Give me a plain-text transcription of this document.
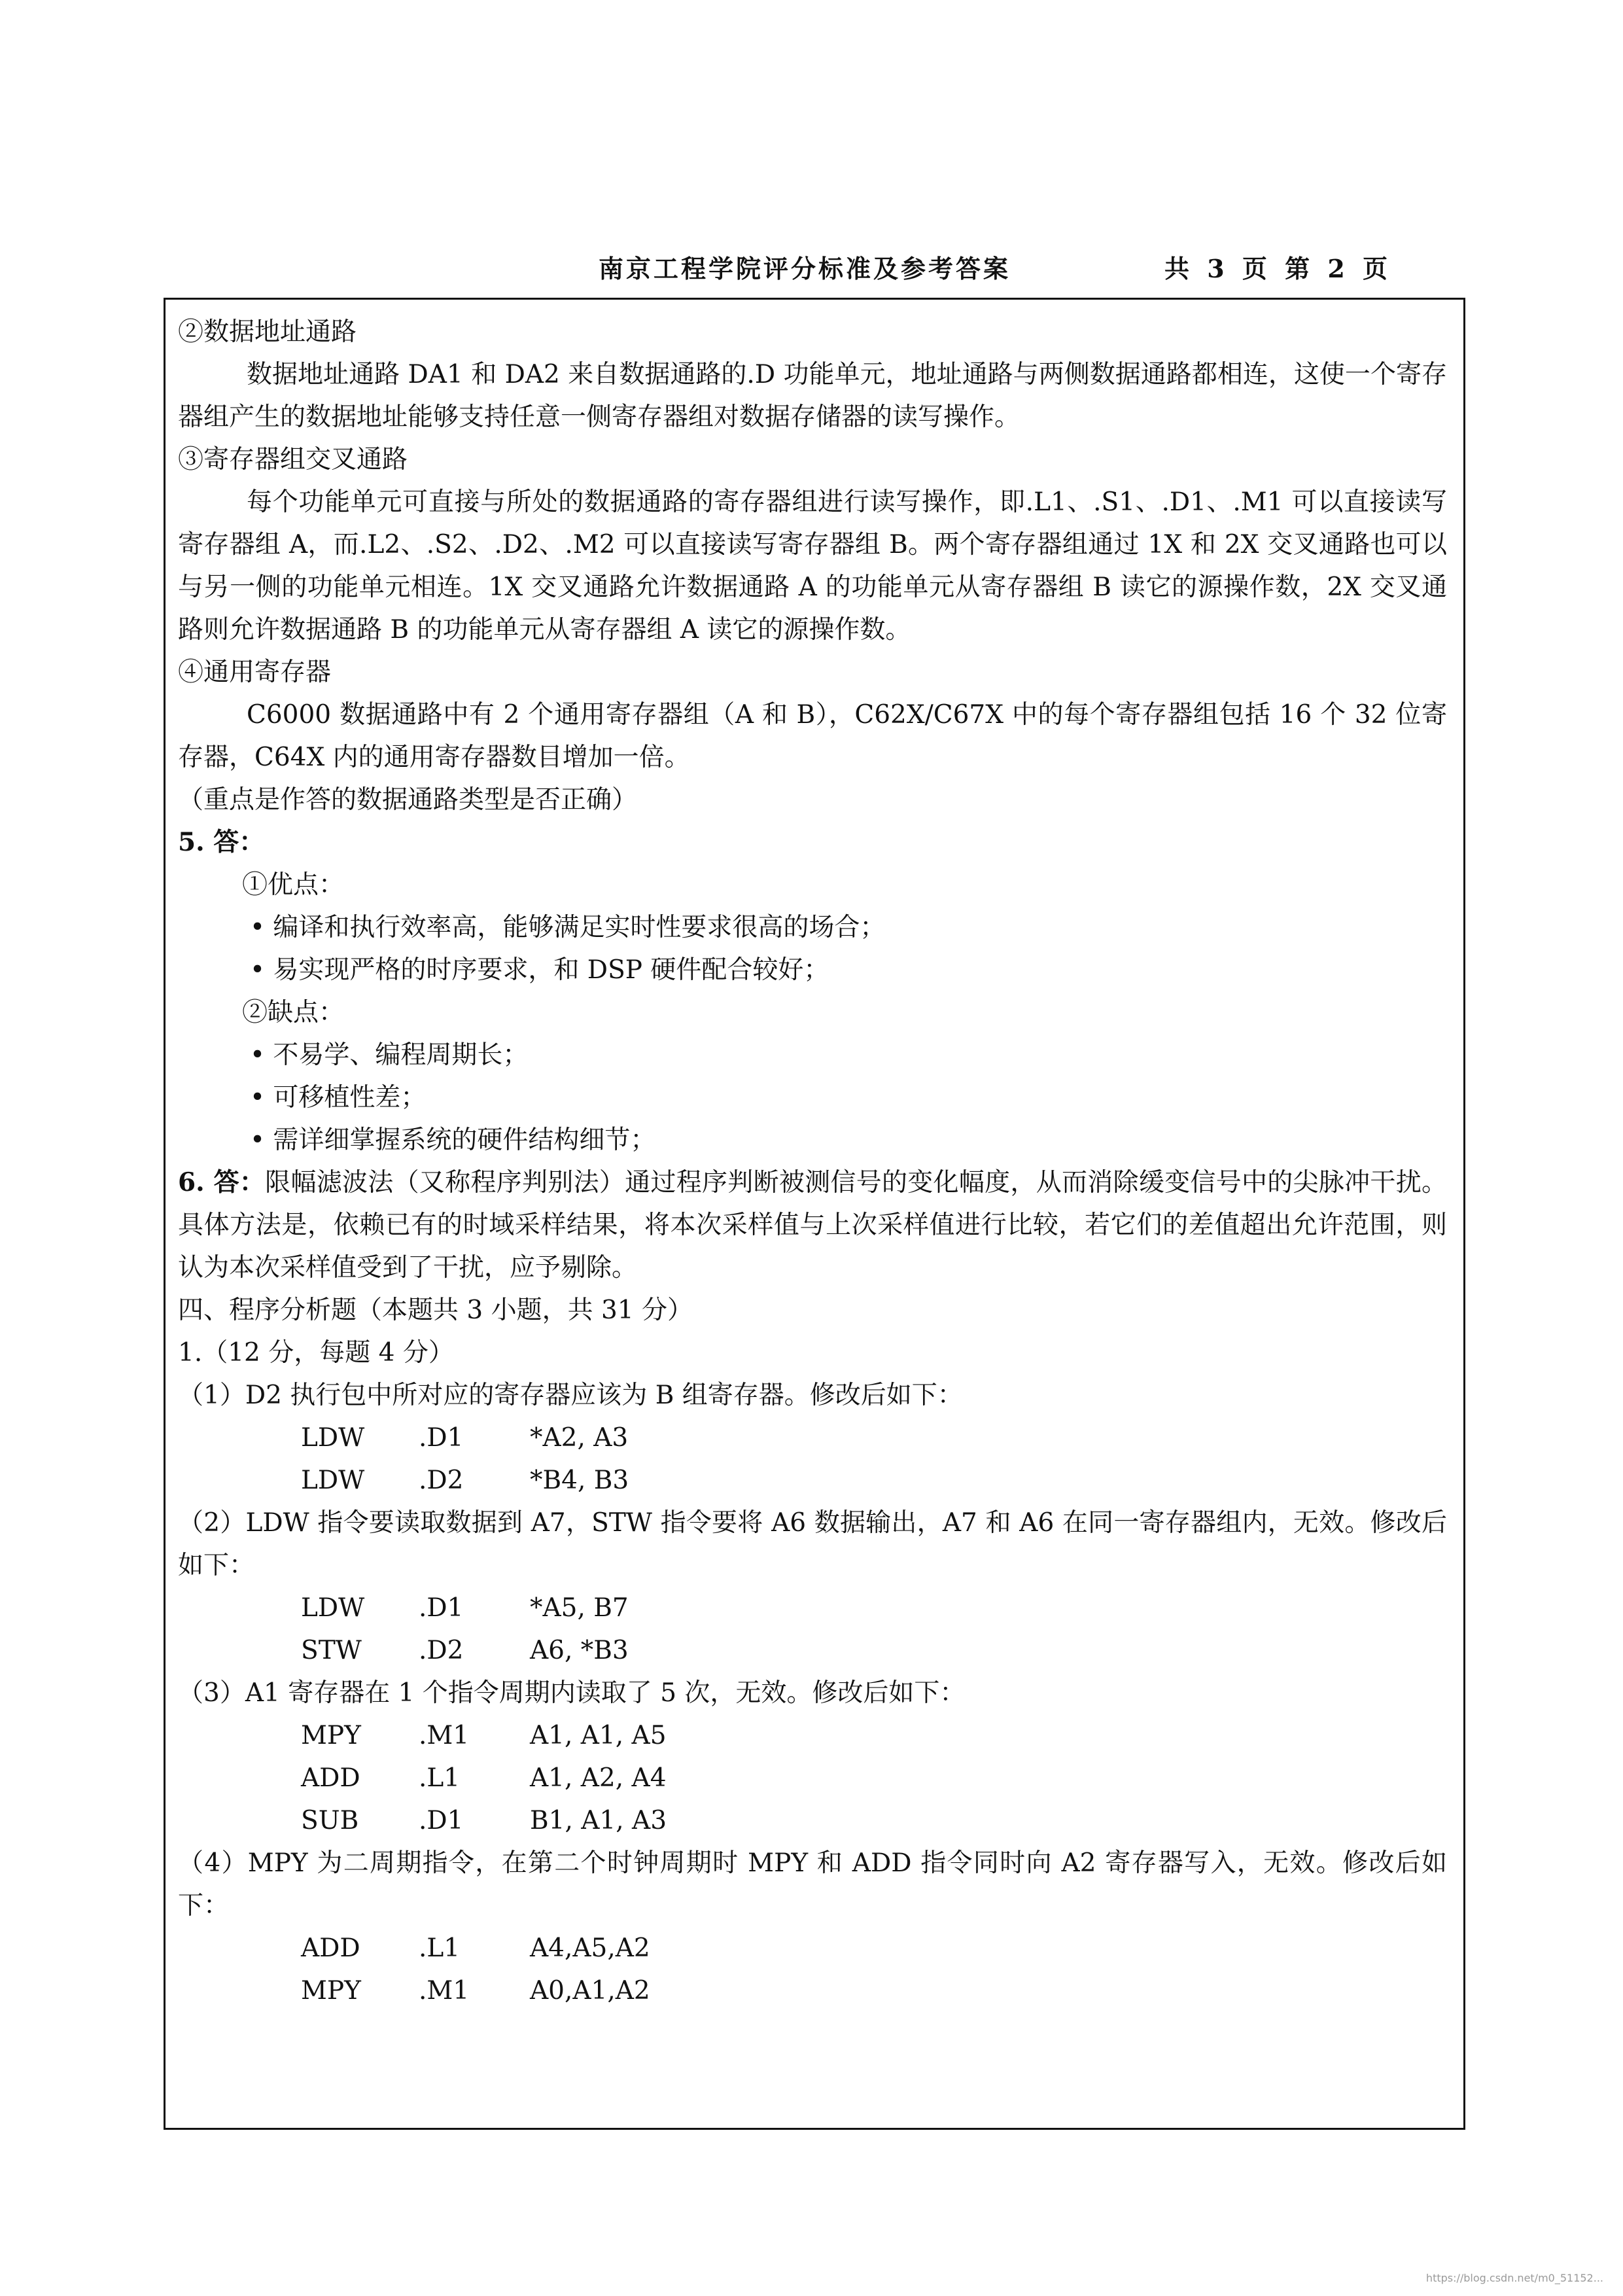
南京工程学院评分标准及参考答案	共 3 页 第 2 页
②数据地址通路
数据地址通路 DA1 和 DA2 来自数据通路的.D 功能单元，地址通路与两侧数据通路都相连，这使一个寄存器组产生的数据地址能够支持任意一侧寄存器组对数据存储器的读写操作。
③寄存器组交叉通路
每个功能单元可直接与所处的数据通路的寄存器组进行读写操作，即.L1、.S1、.D1、.M1 可以直接读写寄存器组 A，而.L2、.S2、.D2、.M2 可以直接读写寄存器组 B。两个寄存器组通过 1X 和 2X 交叉通路也可以与另一侧的功能单元相连。1X 交叉通路允许数据通路 A 的功能单元从寄存器组 B 读它的源操作数，2X 交叉通路则允许数据通路 B 的功能单元从寄存器组 A 读它的源操作数。
④通用寄存器
C6000 数据通路中有 2 个通用寄存器组（A 和 B），C62X/C67X 中的每个寄存器组包括 16 个 32 位寄存器，C64X 内的通用寄存器数目增加一倍。
（重点是作答的数据通路类型是否正确）
5. 答：
①优点：
• 编译和执行效率高，能够满足实时性要求很高的场合；
• 易实现严格的时序要求，和 DSP 硬件配合较好；
②缺点：
• 不易学、编程周期长；
• 可移植性差；
• 需详细掌握系统的硬件结构细节；
6. 答：限幅滤波法（又称程序判别法）通过程序判断被测信号的变化幅度，从而消除缓变信号中的尖脉冲干扰。具体方法是，依赖已有的时域采样结果，将本次采样值与上次采样值进行比较，若它们的差值超出允许范围，则认为本次采样值受到了干扰，应予剔除。
四、程序分析题（本题共 3 小题，共 31 分）
1.（12 分，每题 4 分）
（1）D2 执行包中所对应的寄存器应该为 B 组寄存器。修改后如下：
LDW	.D1	*A2, A3
LDW	.D2	*B4, B3
（2）LDW 指令要读取数据到 A7，STW 指令要将 A6 数据输出，A7 和 A6 在同一寄存器组内，无效。修改后如下：
LDW	.D1	*A5, B7
STW	.D2	A6, *B3
（3）A1 寄存器在 1 个指令周期内读取了 5 次，无效。修改后如下：
MPY	.M1	A1, A1, A5
ADD	.L1	A1, A2, A4
SUB	.D1	B1, A1, A3
（4）MPY 为二周期指令，在第二个时钟周期时 MPY 和 ADD 指令同时向 A2 寄存器写入，无效。修改后如下：
ADD	.L1	A4,A5,A2
MPY	.M1	A0,A1,A2
https://blog.csdn.net/m0_51152...
